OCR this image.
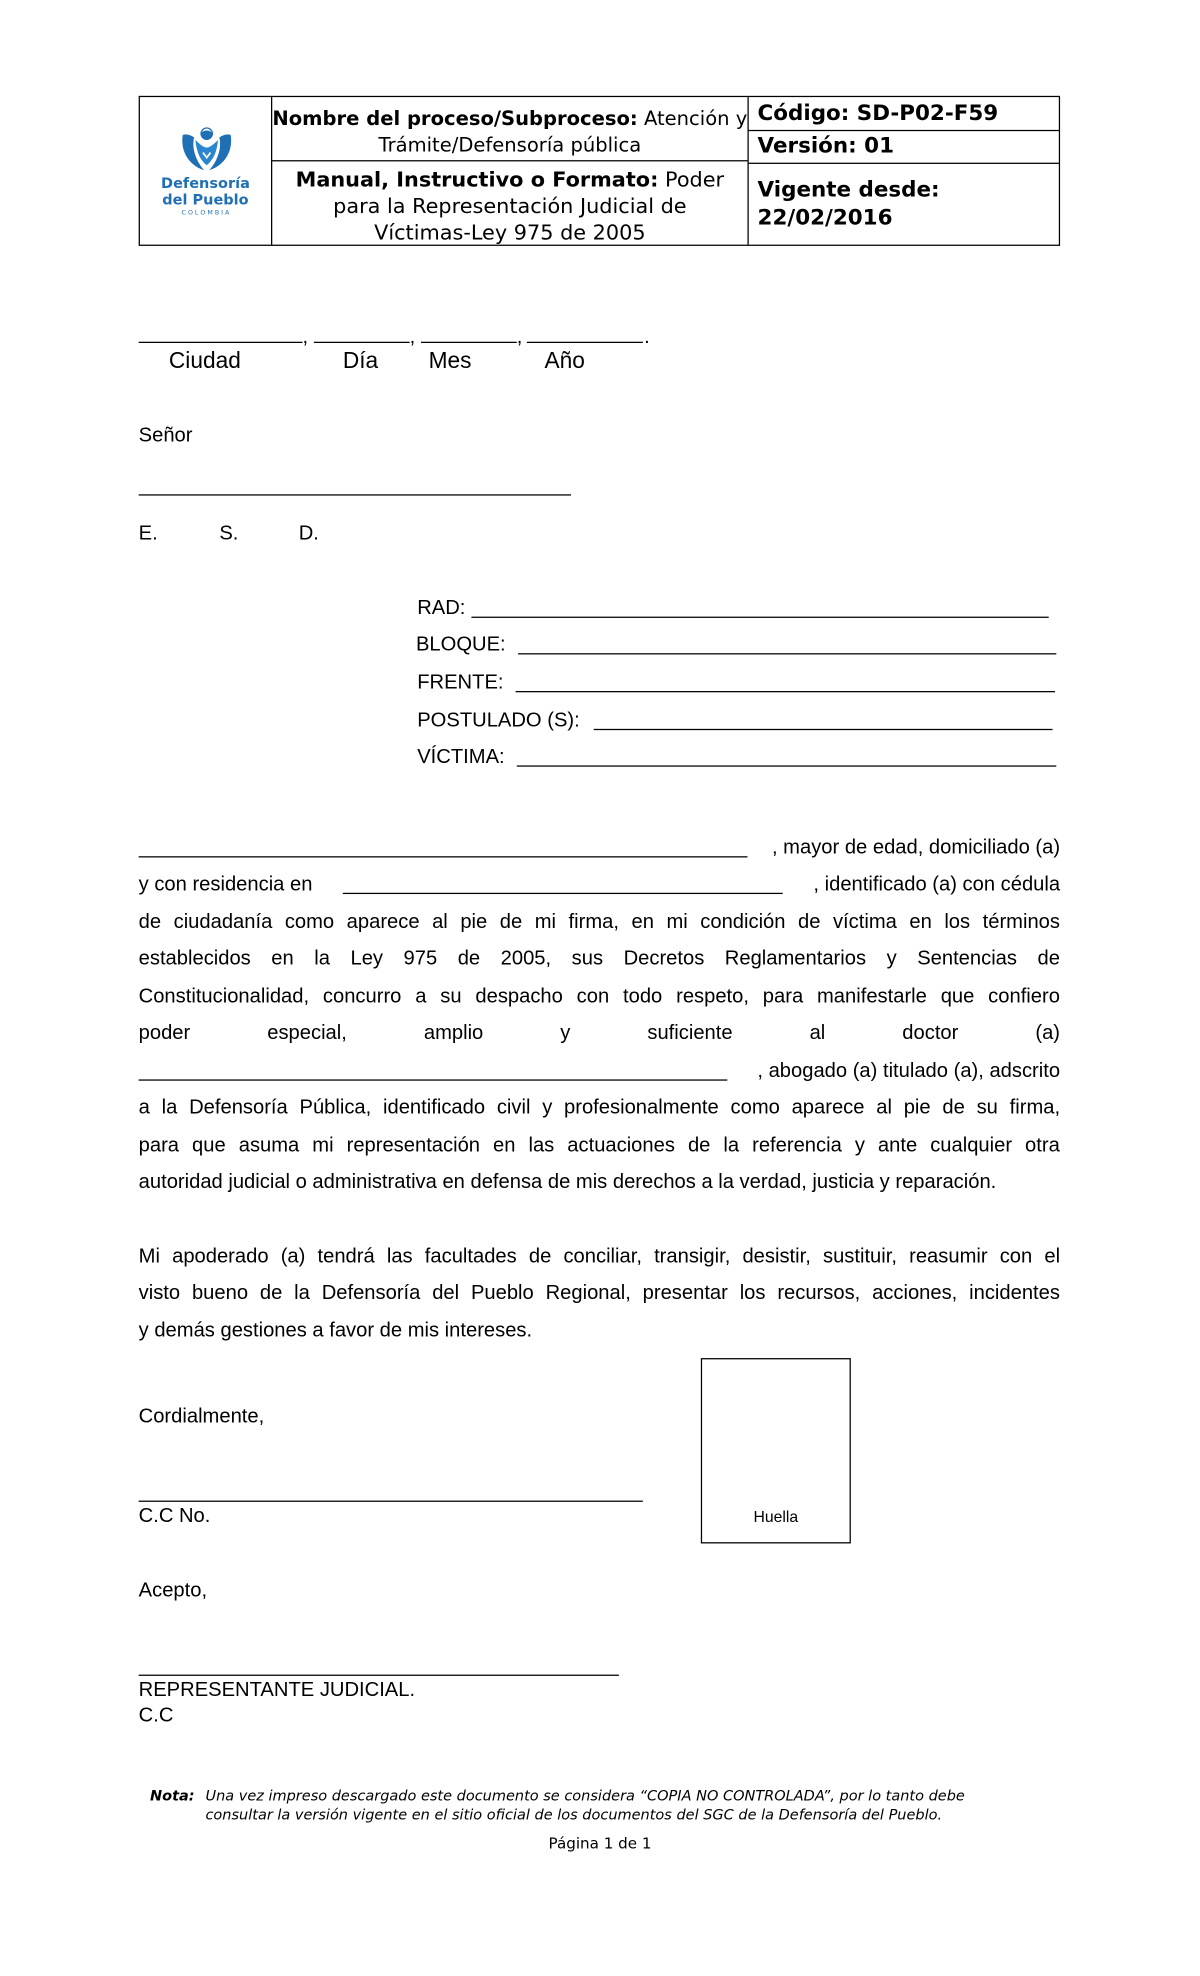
Defensoría
del Pueblo
C O L O M B I A
Nombre del proceso/Subproceso: Atención y
Trámite/Defensoría pública
Manual, Instructivo o Formato: Poder
para la Representación Judicial de
Víctimas-Ley 975 de 2005
Código: SD-P02-F59
Versión: 01
Vigente desde:
22/02/2016
,	,	,	.
Ciudad	Día	Mes	Año
Señor
E.	S.	D.
RAD:
BLOQUE:
FRENTE:
POSTULADO (S):
VÍCTIMA:
, mayor de edad, domiciliado (a)
y con residencia en	, identificado (a) con cédula
de ciudadanía como aparece al pie de mi firma, en mi condición de víctima en los términos
establecidos en la Ley 975 de 2005, sus Decretos Reglamentarios y Sentencias de
Constitucionalidad, concurro a su despacho con todo respeto, para manifestarle que confiero
poder	especial,	amplio	y	suficiente	al	doctor	(a)
, abogado (a) titulado (a), adscrito
a la Defensoría Pública, identificado civil y profesionalmente como aparece al pie de su firma,
para que asuma mi representación en las actuaciones de la referencia y ante cualquier otra
autoridad judicial o administrativa en defensa de mis derechos a la verdad, justicia y reparación.
Mi apoderado (a) tendrá las facultades de conciliar, transigir, desistir, sustituir, reasumir con el
visto bueno de la Defensoría del Pueblo Regional, presentar los recursos, acciones, incidentes
y demás gestiones a favor de mis intereses.
Cordialmente,
C.C No.	Huella
Acepto,
REPRESENTANTE JUDICIAL.
C.C
Nota: Una vez impreso descargado este documento se considera “COPIA NO CONTROLADA”, por lo tanto debe
consultar la versión vigente en el sitio oficial de los documentos del SGC de la Defensoría del Pueblo.
Página 1 de 1
